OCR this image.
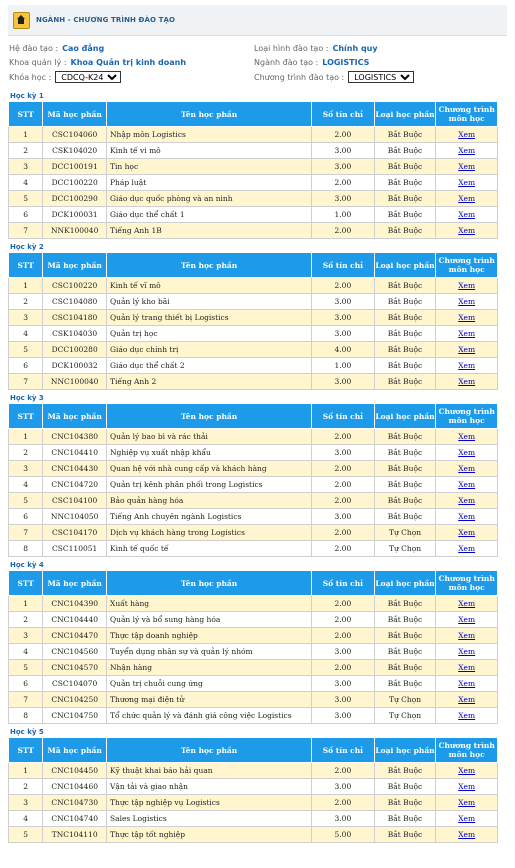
NGÀNH - CHƯƠNG TRÌNH ĐÀO TẠO
Hệ đào tạo : Cao đẳng	Loại hình đào tạo : Chính quy
Khoa quản lý : Khoa Quản trị kinh doanh	Ngành đào tạo : LOGISTICS
Khóa học :
CDCQ-K24	Chương trình đào tạo :
LOGISTICS
Học kỳ 1
STT	Mã học phần	Tên học phần	Số tín chỉ	Loại học phần	Chương trình môn học
1	CSC104060	Nhập môn Logistics	2.00	Bắt Buộc	Xem
2	CSK104020	Kinh tế vi mô	3.00	Bắt Buộc	Xem
3	DCC100191	Tin học	3.00	Bắt Buộc	Xem
4	DCC100220	Pháp luật	2.00	Bắt Buộc	Xem
5	DCC100290	Giáo dục quốc phòng và an ninh	3.00	Bắt Buộc	Xem
6	DCK100031	Giáo dục thể chất 1	1.00	Bắt Buộc	Xem
7	NNK100040	Tiếng Anh 1B	2.00	Bắt Buộc	Xem
Học kỳ 2
STT	Mã học phần	Tên học phần	Số tín chỉ	Loại học phần	Chương trình môn học
1	CSC100220	Kinh tế vĩ mô	2.00	Bắt Buộc	Xem
2	CSC104080	Quản lý kho bãi	3.00	Bắt Buộc	Xem
3	CSC104180	Quản lý trang thiết bị Logistics	3.00	Bắt Buộc	Xem
4	CSK104030	Quản trị học	3.00	Bắt Buộc	Xem
5	DCC100280	Giáo dục chính trị	4.00	Bắt Buộc	Xem
6	DCK100032	Giáo dục thể chất 2	1.00	Bắt Buộc	Xem
7	NNC100040	Tiếng Anh 2	3.00	Bắt Buộc	Xem
Học kỳ 3
STT	Mã học phần	Tên học phần	Số tín chỉ	Loại học phần	Chương trình môn học
1	CNC104380	Quản lý bao bì và rác thải	2.00	Bắt Buộc	Xem
2	CNC104410	Nghiệp vụ xuất nhập khẩu	3.00	Bắt Buộc	Xem
3	CNC104430	Quan hệ với nhà cung cấp và khách hàng	2.00	Bắt Buộc	Xem
4	CNC104720	Quản trị kênh phân phối trong Logistics	2.00	Bắt Buộc	Xem
5	CSC104100	Bảo quản hàng hóa	2.00	Bắt Buộc	Xem
6	NNC104050	Tiếng Anh chuyên ngành Logistics	3.00	Bắt Buộc	Xem
7	CSC104170	Dịch vụ khách hàng trong Logistics	2.00	Tự Chọn	Xem
8	CSC110051	Kinh tế quốc tế	2.00	Tự Chọn	Xem
Học kỳ 4
STT	Mã học phần	Tên học phần	Số tín chỉ	Loại học phần	Chương trình môn học
1	CNC104390	Xuất hàng	2.00	Bắt Buộc	Xem
2	CNC104440	Quản lý và bổ sung hàng hóa	2.00	Bắt Buộc	Xem
3	CNC104470	Thực tập doanh nghiệp	2.00	Bắt Buộc	Xem
4	CNC104560	Tuyển dụng nhân sự và quản lý nhóm	3.00	Bắt Buộc	Xem
5	CNC104570	Nhận hàng	2.00	Bắt Buộc	Xem
6	CSC104070	Quản trị chuỗi cung ứng	3.00	Bắt Buộc	Xem
7	CNC104250	Thương mại điện tử	3.00	Tự Chọn	Xem
8	CNC104750	Tổ chức quản lý và đánh giá công việc Logistics	3.00	Tự Chọn	Xem
Học kỳ 5
STT	Mã học phần	Tên học phần	Số tín chỉ	Loại học phần	Chương trình môn học
1	CNC104450	Kỹ thuật khai báo hải quan	2.00	Bắt Buộc	Xem
2	CNC104460	Vận tải và giao nhận	3.00	Bắt Buộc	Xem
3	CNC104730	Thực tập nghiệp vụ Logistics	2.00	Bắt Buộc	Xem
4	CNC104740	Sales Logistics	3.00	Bắt Buộc	Xem
5	TNC104110	Thực tập tốt nghiệp	5.00	Bắt Buộc	Xem
